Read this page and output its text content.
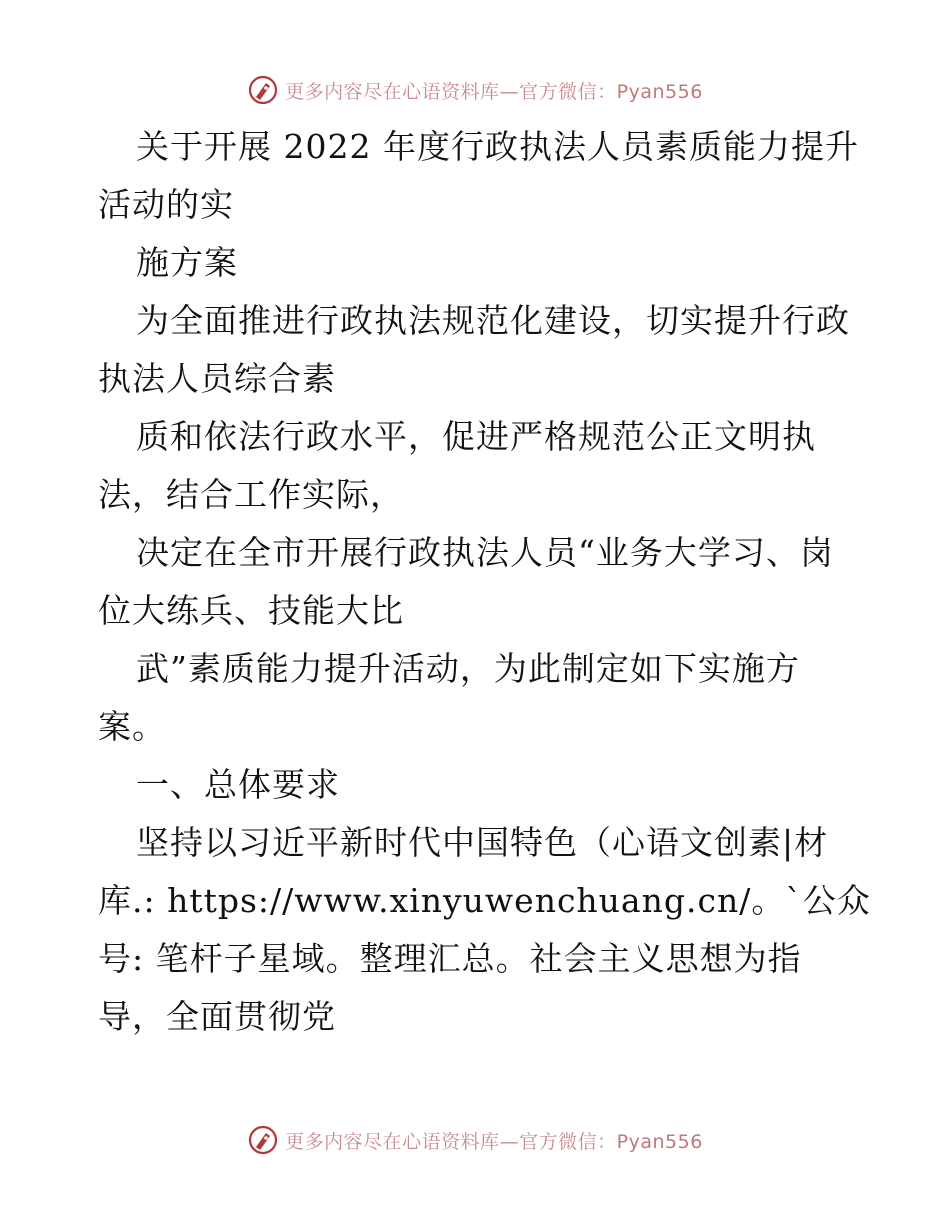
更多内容尽在心语资料库—官方微信：Pyan556
关于开展 2022 年度行政执法人员素质能力提升
活动的实
施方案
为全面推进行政执法规范化建设，切实提升行政
执法人员综合素
质和依法行政水平，促进严格规范公正文明执
法，结合工作实际，
决定在全市开展行政执法人员“业务大学习、岗
位大练兵、技能大比
武”素质能力提升活动，为此制定如下实施方
案。
一、总体要求
坚持以习近平新时代中国特色（心语文创素|材
库.: https://www.xinyuwenchuang.cn/。`公众
号: 笔杆子星域。整理汇总。社会主义思想为指
导，全面贯彻党
更多内容尽在心语资料库—官方微信：Pyan556
